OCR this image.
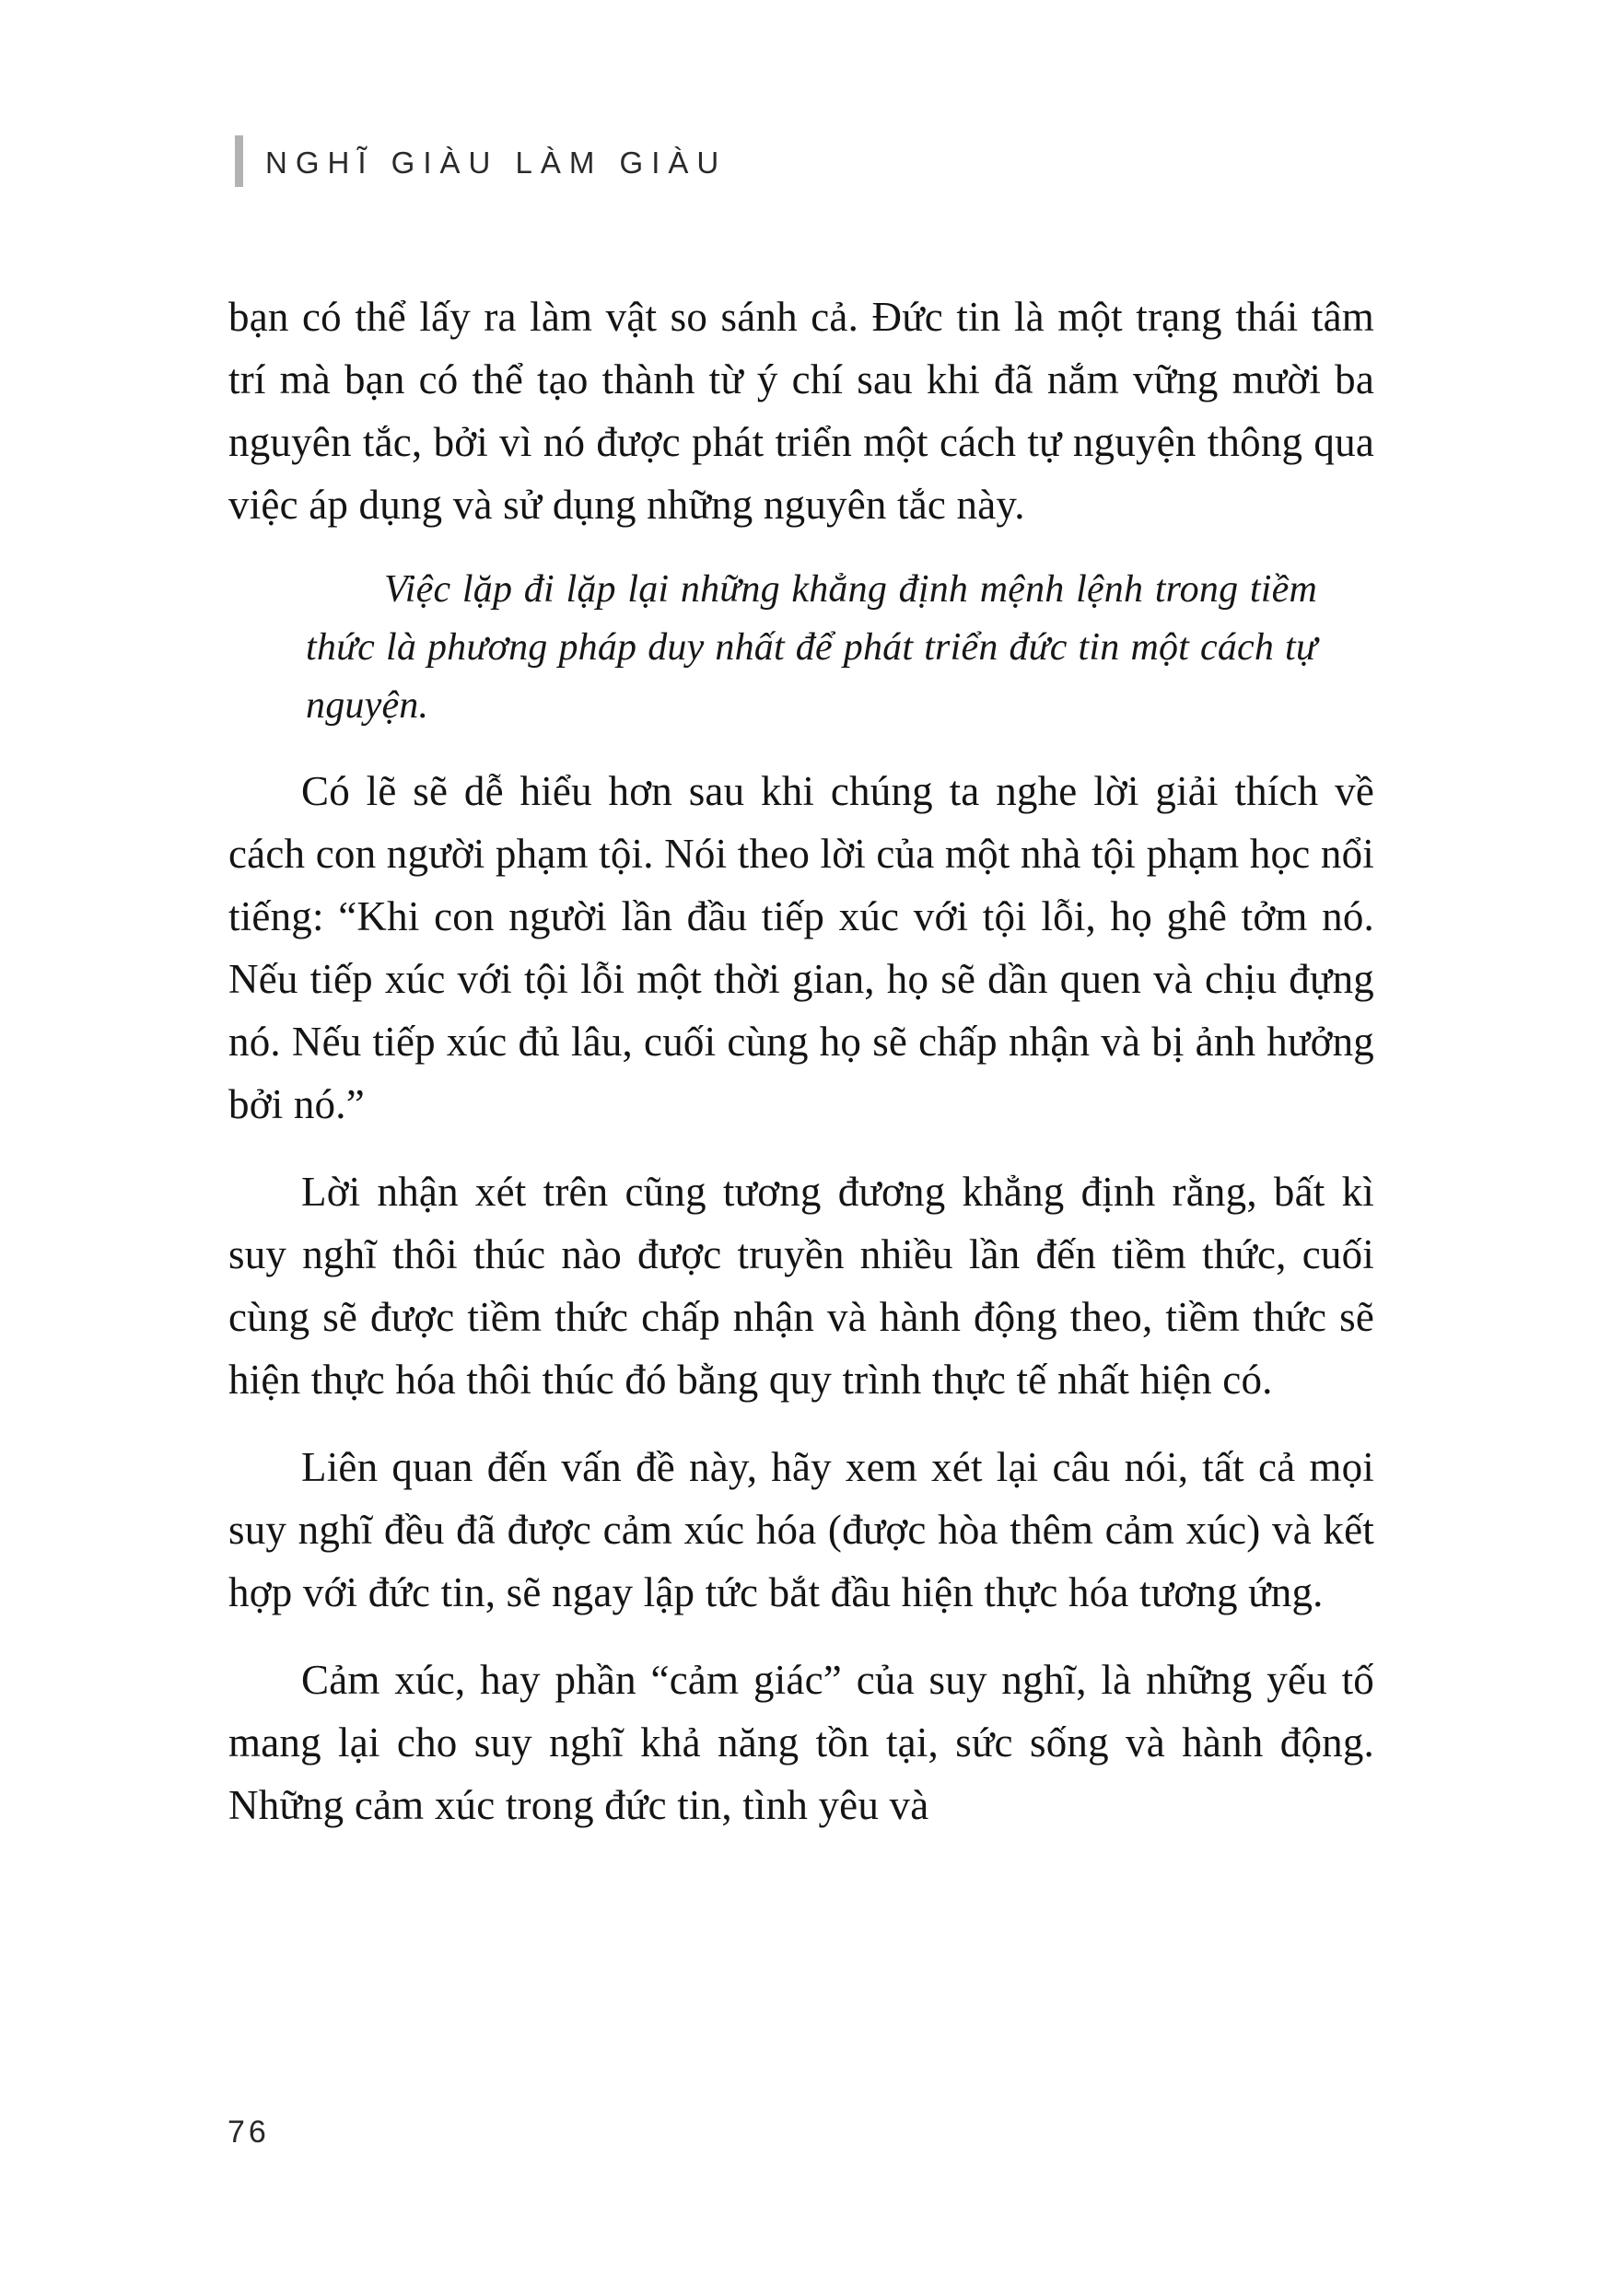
NGHĨ GIÀU LÀM GIÀU

bạn có thể lấy ra làm vật so sánh cả. Đức tin là một trạng thái tâm trí mà bạn có thể tạo thành từ ý chí sau khi đã nắm vững mười ba nguyên tắc, bởi vì nó được phát triển một cách tự nguyện thông qua việc áp dụng và sử dụng những nguyên tắc này.

Việc lặp đi lặp lại những khẳng định mệnh lệnh trong tiềm thức là phương pháp duy nhất để phát triển đức tin một cách tự nguyện.

Có lẽ sẽ dễ hiểu hơn sau khi chúng ta nghe lời giải thích về cách con người phạm tội. Nói theo lời của một nhà tội phạm học nổi tiếng: “Khi con người lần đầu tiếp xúc với tội lỗi, họ ghê tởm nó. Nếu tiếp xúc với tội lỗi một thời gian, họ sẽ dần quen và chịu đựng nó. Nếu tiếp xúc đủ lâu, cuối cùng họ sẽ chấp nhận và bị ảnh hưởng bởi nó.”

Lời nhận xét trên cũng tương đương khẳng định rằng, bất kì suy nghĩ thôi thúc nào được truyền nhiều lần đến tiềm thức, cuối cùng sẽ được tiềm thức chấp nhận và hành động theo, tiềm thức sẽ hiện thực hóa thôi thúc đó bằng quy trình thực tế nhất hiện có.

Liên quan đến vấn đề này, hãy xem xét lại câu nói, tất cả mọi suy nghĩ đều đã được cảm xúc hóa (được hòa thêm cảm xúc) và kết hợp với đức tin, sẽ ngay lập tức bắt đầu hiện thực hóa tương ứng.

Cảm xúc, hay phần “cảm giác” của suy nghĩ, là những yếu tố mang lại cho suy nghĩ khả năng tồn tại, sức sống và hành động. Những cảm xúc trong đức tin, tình yêu và

76
